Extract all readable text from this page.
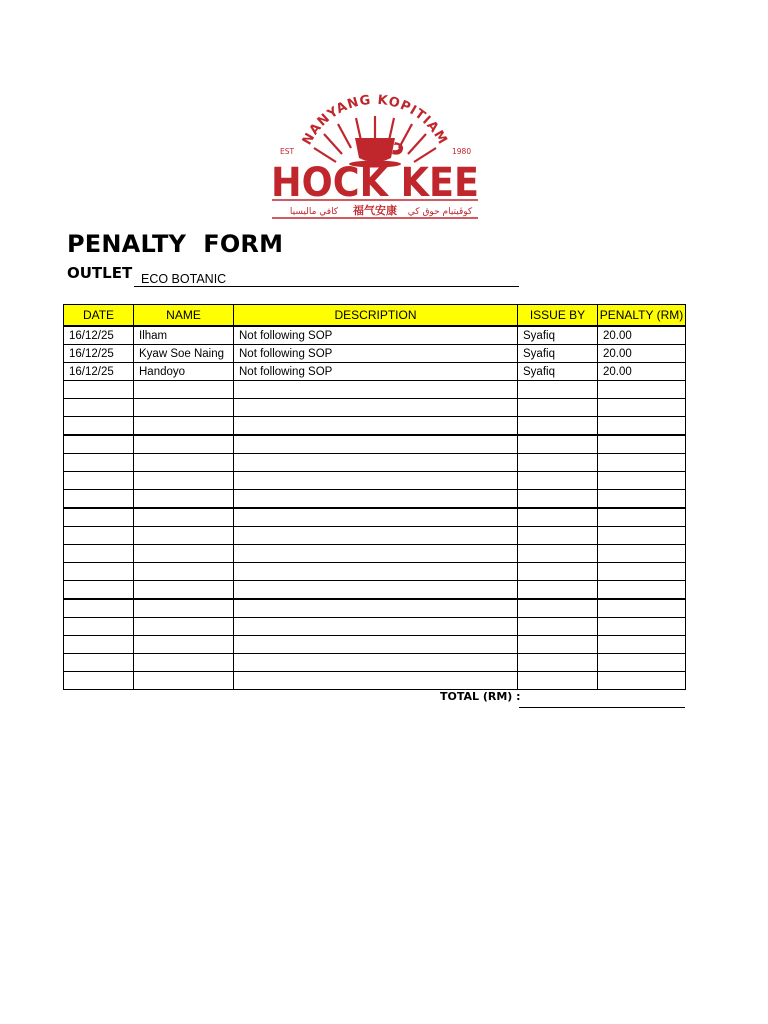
NANYANG KOPITIAM
EST	1980
HOCK KEE
كافي ماليسيا 福气安康 كوڤيتيام حوق كي
PENALTY  FORM
OUTLET ECO BOTANIC
DATE	NAME	DESCRIPTION	ISSUE BY	PENALTY (RM)
16/12/25	Ilham	Not following SOP	Syafiq	20.00
16/12/25	Kyaw Soe Naing	Not following SOP	Syafiq	20.00
16/12/25	Handoyo	Not following SOP	Syafiq	20.00

TOTAL (RM) :
